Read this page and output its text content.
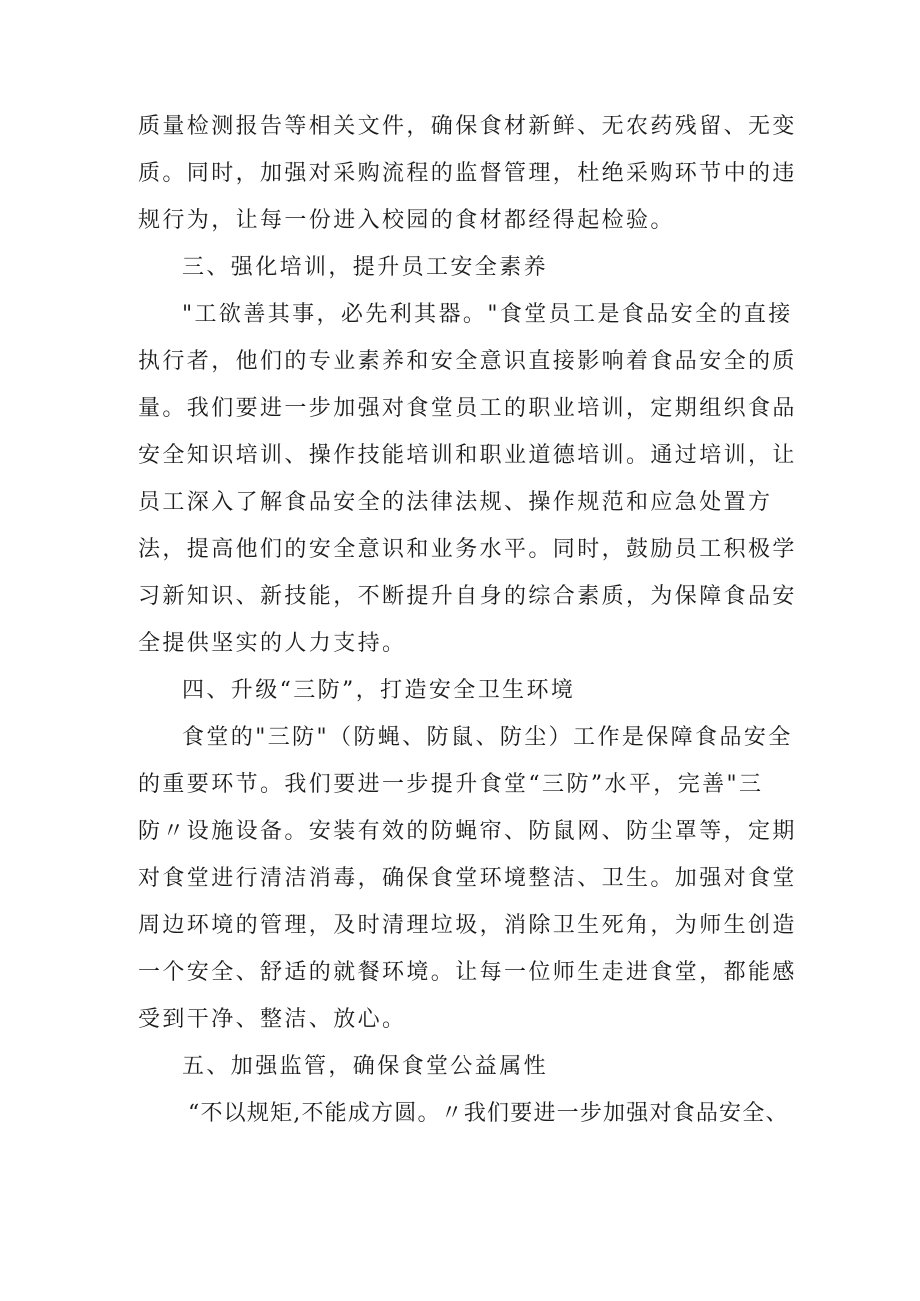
质量检测报告等相关文件，确保食材新鲜、无农药残留、无变
质。同时，加强对采购流程的监督管理，杜绝采购环节中的违
规行为，让每一份进入校园的食材都经得起检验。
三、强化培训，提升员工安全素养
"工欲善其事，必先利其器。"食堂员工是食品安全的直接
执行者，他们的专业素养和安全意识直接影响着食品安全的质
量。我们要进一步加强对食堂员工的职业培训，定期组织食品
安全知识培训、操作技能培训和职业道德培训。通过培训，让
员工深入了解食品安全的法律法规、操作规范和应急处置方
法，提高他们的安全意识和业务水平。同时，鼓励员工积极学
习新知识、新技能，不断提升自身的综合素质，为保障食品安
全提供坚实的人力支持。
四、升级“三防”，打造安全卫生环境
食堂的"三防"（防蝇、防鼠、防尘）工作是保障食品安全
的重要环节。我们要进一步提升食堂“三防”水平，完善"三
防〃设施设备。安装有效的防蝇帘、防鼠网、防尘罩等，定期
对食堂进行清洁消毒，确保食堂环境整洁、卫生。加强对食堂
周边环境的管理，及时清理垃圾，消除卫生死角，为师生创造
一个安全、舒适的就餐环境。让每一位师生走进食堂，都能感
受到干净、整洁、放心。
五、加强监管，确保食堂公益属性
“不以规矩,不能成方圆。〃我们要进一步加强对食品安全、
